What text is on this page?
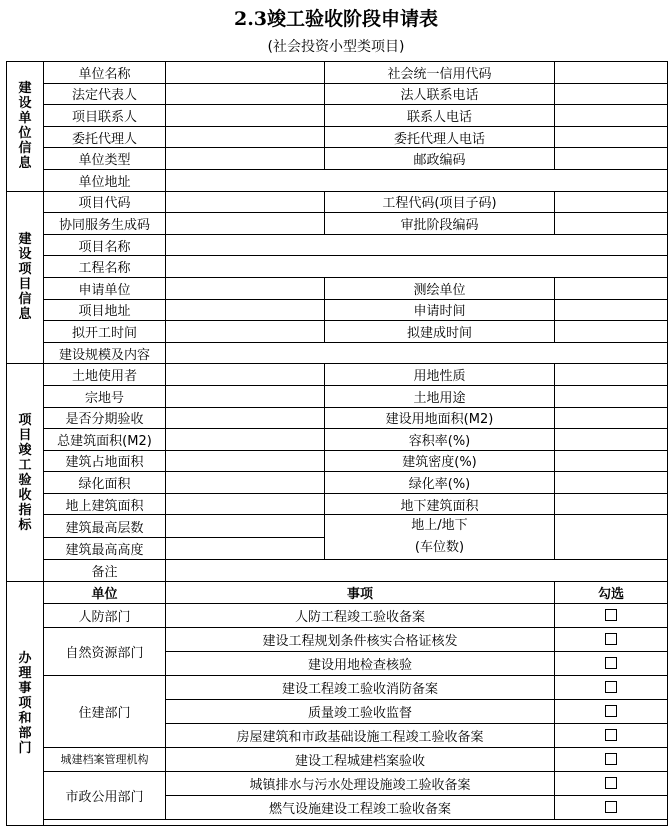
2.3竣工验收阶段申请表
(社会投资小型类项目)
建设单位信息	单位名称		社会统一信用代码	
	法定代表人		法人联系电话	
	项目联系人		联系人电话	
	委托代理人		委托代理人电话	
	单位类型		邮政编码	
	单位地址			
建设项目信息	项目代码		工程代码(项目子码)	
	协同服务生成码		审批阶段编码	
	项目名称			
	工程名称			
	申请单位		测绘单位	
	项目地址		申请时间	
	拟开工时间		拟建成时间	
	建设规模及内容			
项目竣工验收指标	土地使用者		用地性质	
	宗地号		土地用途	
	是否分期验收		建设用地面积(M2)	
	总建筑面积(M2)		容积率(%)	
	建筑占地面积		建筑密度(%)	
	绿化面积		绿化率(%)	
	地上建筑面积		地下建筑面积	
	建筑最高层数		地上/地下
(车位数)	
	建筑最高高度			
	备注			
办理事项和部门	单位	事项		勾选
	人防部门	人防工程竣工验收备案		
	自然资源部门	建设工程规划条件核实合格证核发		
		建设用地检查核验		
	住建部门	建设工程竣工验收消防备案		
		质量竣工验收监督		
		房屋建筑和市政基础设施工程竣工验收备案		
	城建档案管理机构	建设工程城建档案验收		
	市政公用部门	城镇排水与污水处理设施竣工验收备案		
		燃气设施建设工程竣工验收备案		
